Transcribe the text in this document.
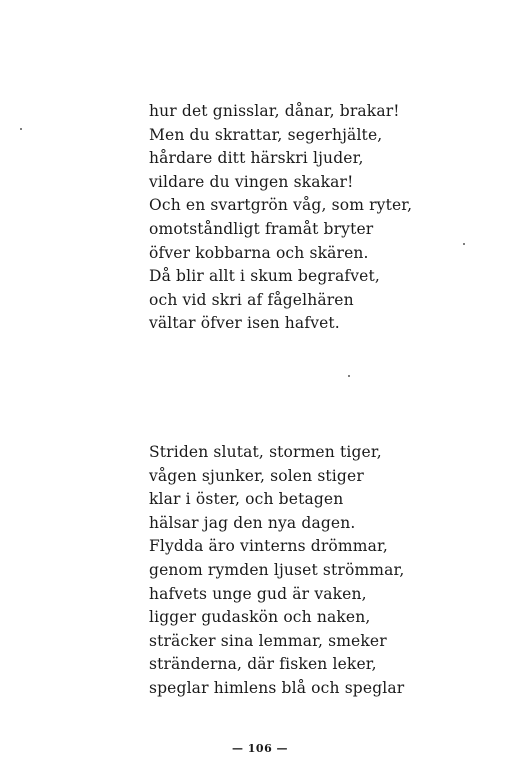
hur det gnisslar, dånar, brakar!
Men du skrattar, segerhjälte,
hårdare ditt härskri ljuder,
vildare du vingen skakar!
Och en svartgrön våg, som ryter,
omotståndligt framåt bryter
öfver kobbarna och skären.
Då blir allt i skum begrafvet,
och vid skri af fågelhären
vältar öfver isen hafvet.
Striden slutat, stormen tiger,
vågen sjunker, solen stiger
klar i öster, och betagen
hälsar jag den nya dagen.
Flydda äro vinterns drömmar,
genom rymden ljuset strömmar,
hafvets unge gud är vaken,
ligger gudaskön och naken,
sträcker sina lemmar, smeker
stränderna, där fisken leker,
speglar himlens blå och speglar
— 106 —
